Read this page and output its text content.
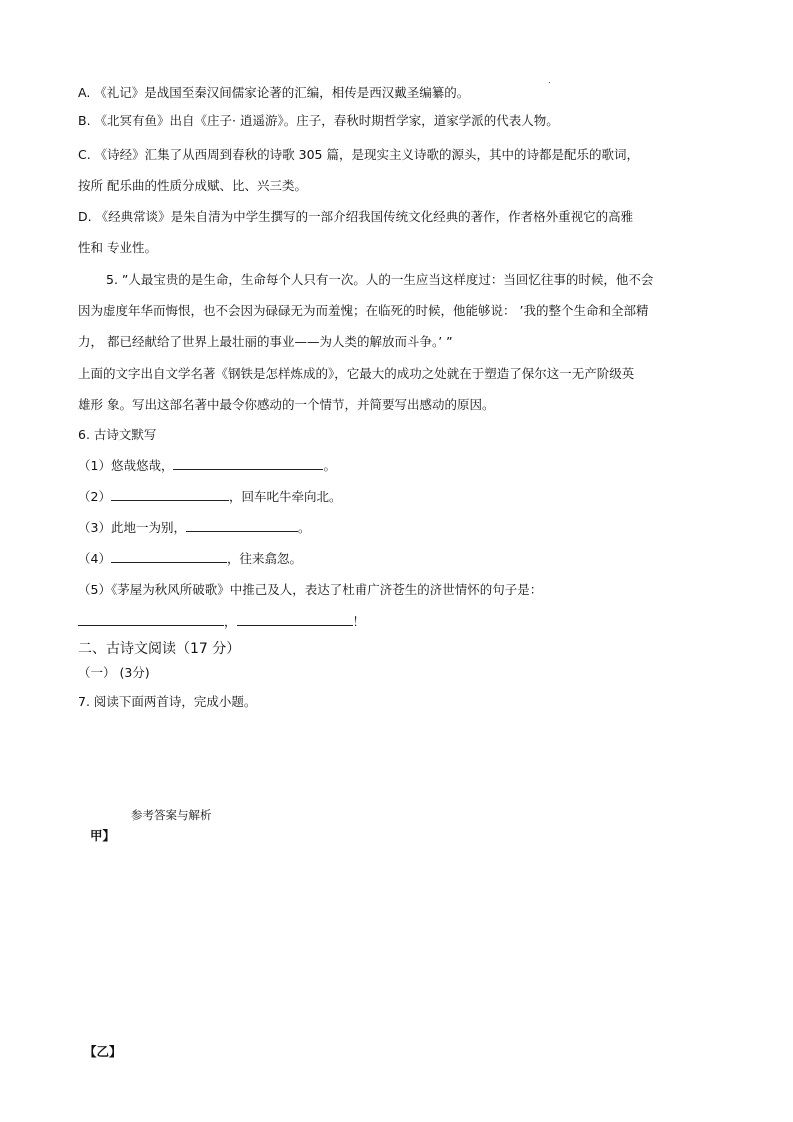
.
A. 《礼记》是战国至秦汉间儒家论著的汇编，相传是西汉戴圣编纂的。
B. 《北冥有鱼》出自《庄子· 逍遥游》。庄子，春秋时期哲学家，道家学派的代表人物。
C. 《诗经》汇集了从西周到春秋的诗歌 305 篇，是现实主义诗歌的源头，其中的诗都是配乐的歌词，
按所 配乐曲的性质分成赋、比、兴三类。
D. 《经典常谈》是朱自清为中学生撰写的一部介绍我国传统文化经典的著作，作者格外重视它的高雅
性和 专业性。
5. ”人最宝贵的是生命，生命每个人只有一次。人的一生应当这样度过：当回忆往事的时候，他不会
因为虚度年华而悔恨，也不会因为碌碌无为而羞愧；在临死的时候，他能够说： ’我的整个生命和全部精
力， 都已经献给了世界上最壮丽的事业——为人类的解放而斗争。’ ”
上面的文字出自文学名著《钢铁是怎样炼成的》，它最大的成功之处就在于塑造了保尔这一无产阶级英
雄形 象。写出这部名著中最令你感动的一个情节，并简要写出感动的原因。
6. 古诗文默写
（1）悠哉悠哉，	。
（2）	，回车叱牛牵向北。
（3）此地一为别，	。
（4）	，往来翕忽。
（5）《茅屋为秋风所破歌》中推己及人，表达了杜甫广济苍生的济世情怀的句子是：
，	！
二、古诗文阅读（17 分）
（一） (3分)
7. 阅读下面两首诗，完成小题。
参考答案与解析
甲】
【乙】
